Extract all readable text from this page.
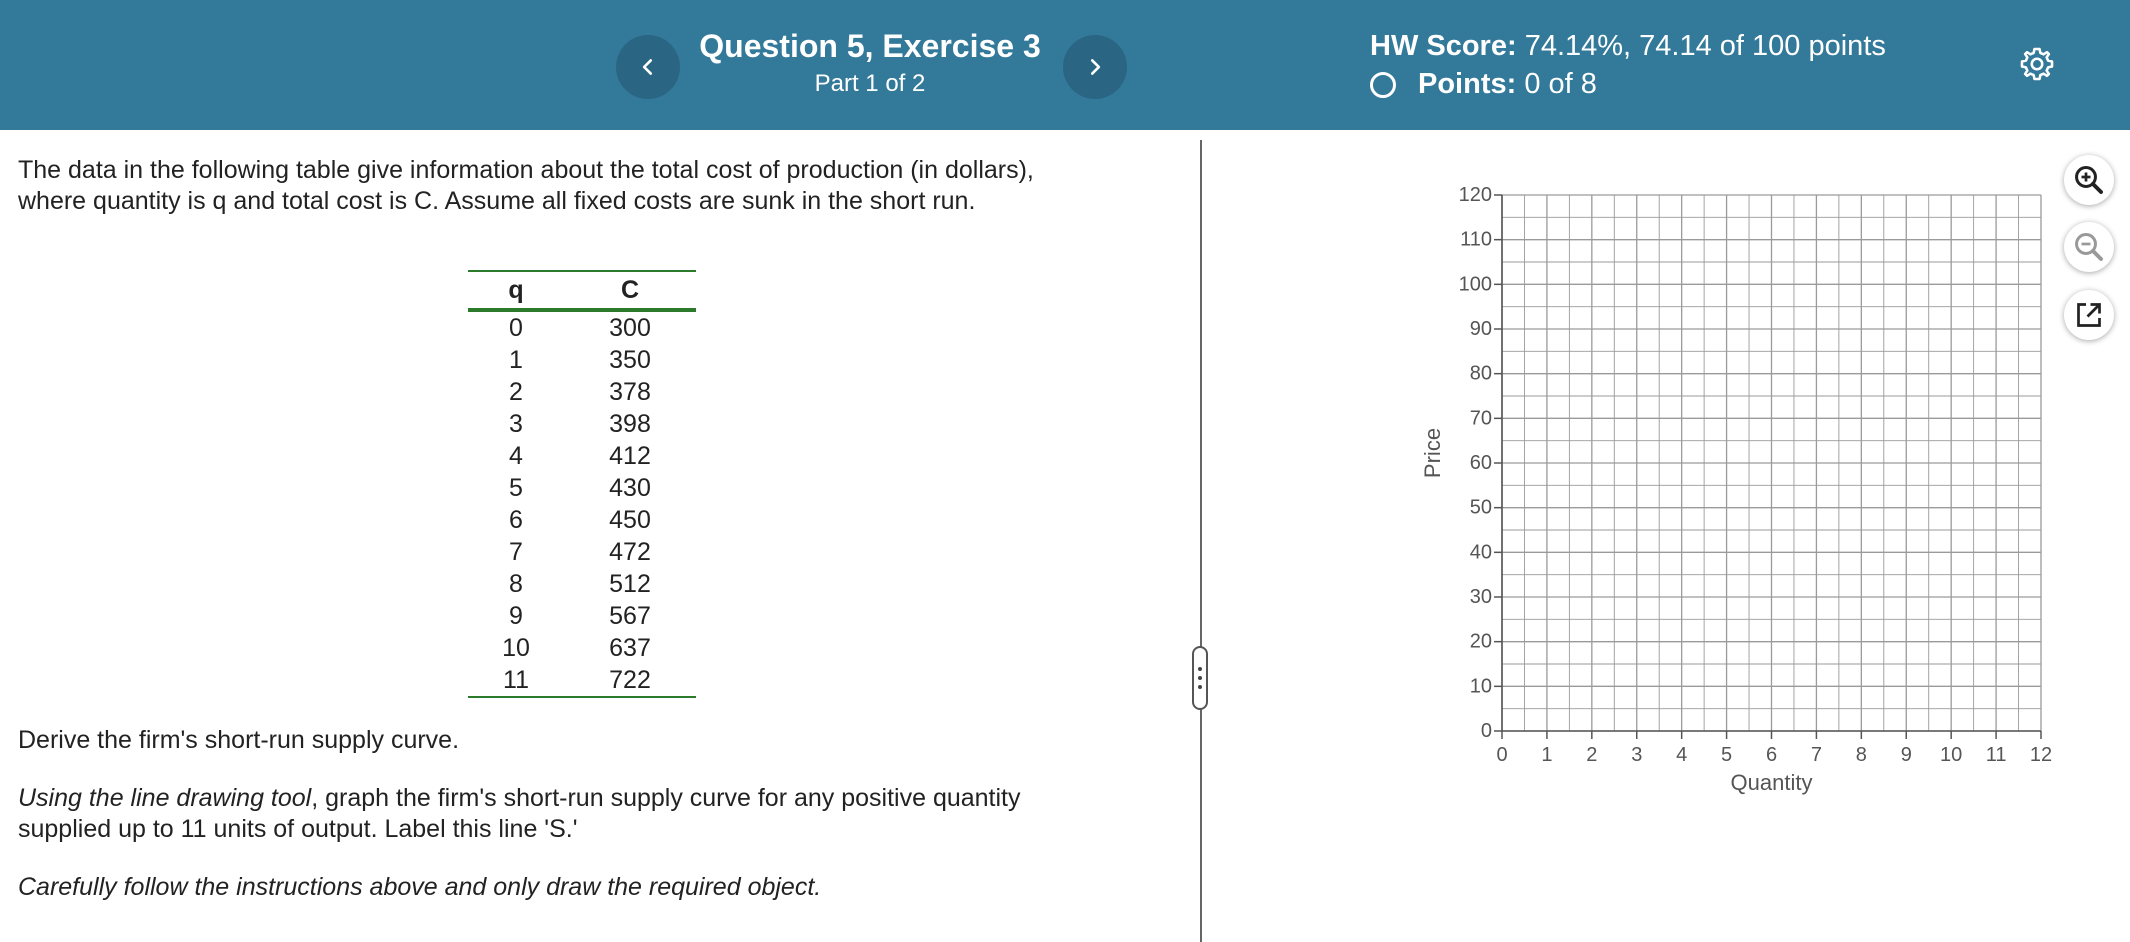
Question 5, Exercise 3
Part 1 of 2
HW Score: 74.14%, 74.14 of 100 points
Points:
0 of 8

The data in the following table give information about the total cost of production (in dollars), where quantity is q and total cost is C. Assume all fixed costs are sunk in the short run.

q	C
0	300
1	350
2	378
3	398
4	412
5	430
6	450
7	472
8	512
9	567
10	637
11	722

Derive the firm's short-run supply curve.

Using the line drawing tool, graph the firm's short-run supply curve for any positive quantity supplied up to 11 units of output. Label this line 'S.'

Carefully follow the instructions above and only draw the required object.

0
10
20
30
40
50
60
70
80
90
100
110
120
0 1 2 3 4 5 6 7 8 9 10 11 12
Quantity
Price
